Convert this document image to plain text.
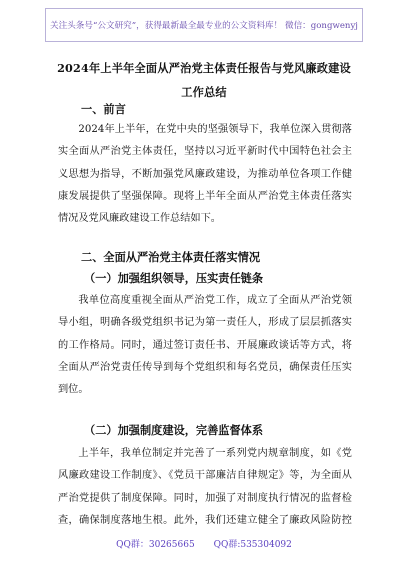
关注头条号“公文研究”，获得最新最全最专业的公文资料库！ 微信：gongwenyj
2024年上半年全面从严治党主体责任报告与党风廉政建设
工作总结
一、前言
2024年上半年，在党中央的坚强领导下，我单位深入贯彻落实全面从严治党主体责任，坚持以习近平新时代中国特色社会主义思想为指导，不断加强党风廉政建设，为推动单位各项工作健康发展提供了坚强保障。现将上半年全面从严治党主体责任落实情况及党风廉政建设工作总结如下。
二、全面从严治党主体责任落实情况
（一）加强组织领导，压实责任链条
我单位高度重视全面从严治党工作，成立了全面从严治党领导小组，明确各级党组织书记为第一责任人，形成了层层抓落实的工作格局。同时，通过签订责任书、开展廉政谈话等方式，将全面从严治党责任传导到每个党组织和每名党员，确保责任压实到位。
（二）加强制度建设，完善监督体系
上半年，我单位制定并完善了一系列党内规章制度，如《党风廉政建设工作制度》、《党员干部廉洁自律规定》等，为全面从严治党提供了制度保障。同时，加强了对制度执行情况的监督检查，确保制度落地生根。此外，我们还建立健全了廉政风险防控
QQ群：30265665 QQ群:535304092
